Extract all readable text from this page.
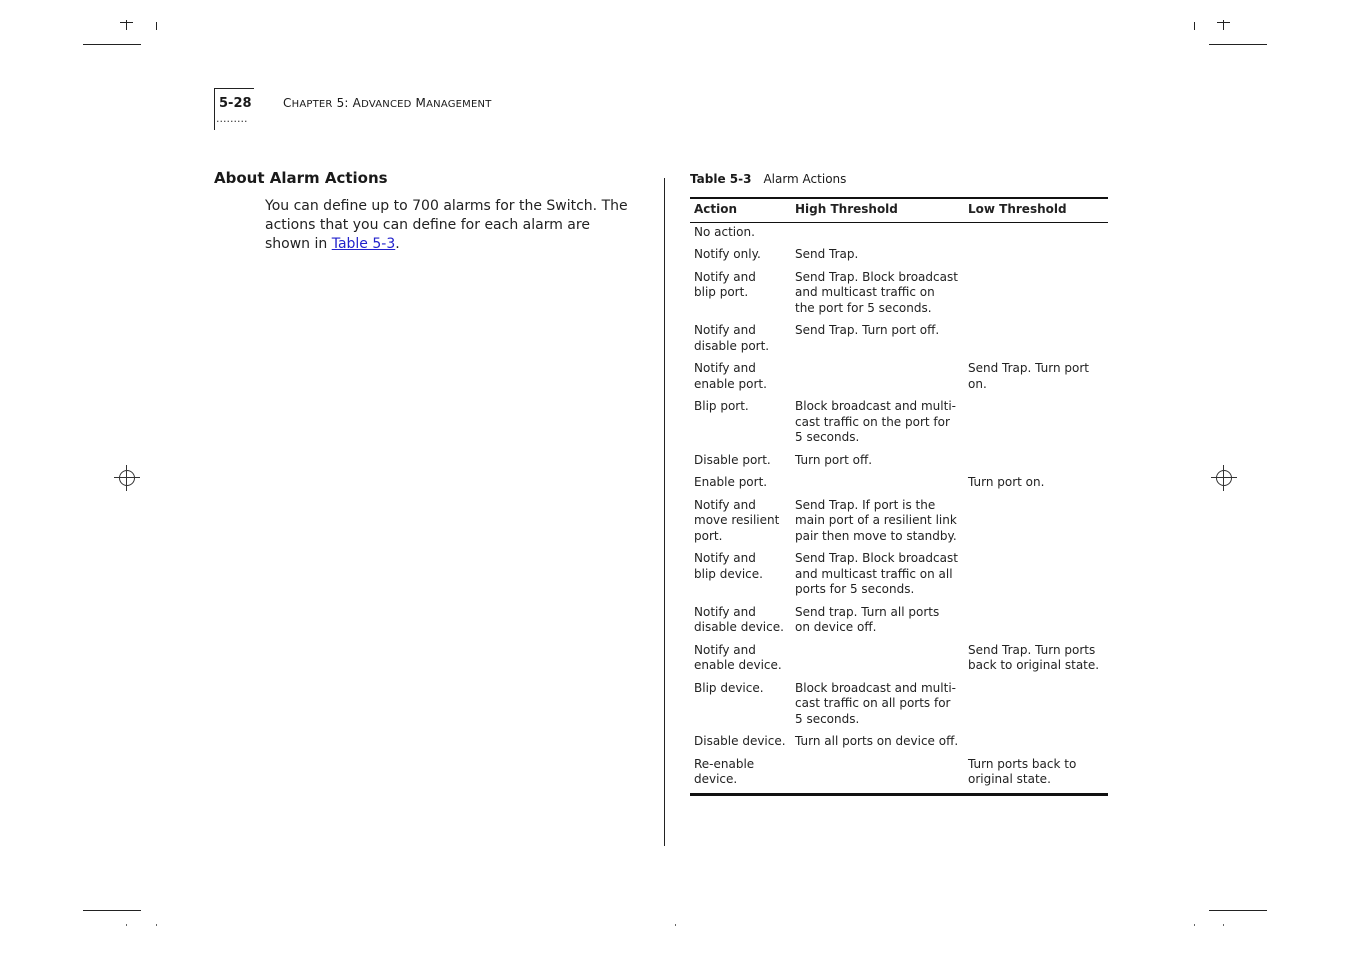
5-28
·········
CHAPTER 5: ADVANCED MANAGEMENT
About Alarm Actions
You can define up to 700 alarms for the Switch. The actions that you can define for each alarm are shown in Table 5-3.
Table 5-3 Alarm Actions
Action	High Threshold	Low Threshold
No action.		
Notify only.	Send Trap.	
Notify and
blip port.	Send Trap. Block broadcast
and multicast traffic on
the port for 5 seconds.	
Notify and
disable port.	Send Trap. Turn port off.	
Notify and
enable port.		Send Trap. Turn port
on.
Blip port.	Block broadcast and multi-
cast traffic on the port for
5 seconds.	
Disable port.	Turn port off.	
Enable port.		Turn port on.
Notify and
move resilient
port.	Send Trap. If port is the
main port of a resilient link
pair then move to standby.	
Notify and
blip device.	Send Trap. Block broadcast
and multicast traffic on all
ports for 5 seconds.	
Notify and
disable device.	Send trap. Turn all ports
on device off.	
Notify and
enable device.		Send Trap. Turn ports
back to original state.
Blip device.	Block broadcast and multi-
cast traffic on all ports for
5 seconds.	
Disable device.	Turn all ports on device off.	
Re-enable
device.		Turn ports back to
original state.
